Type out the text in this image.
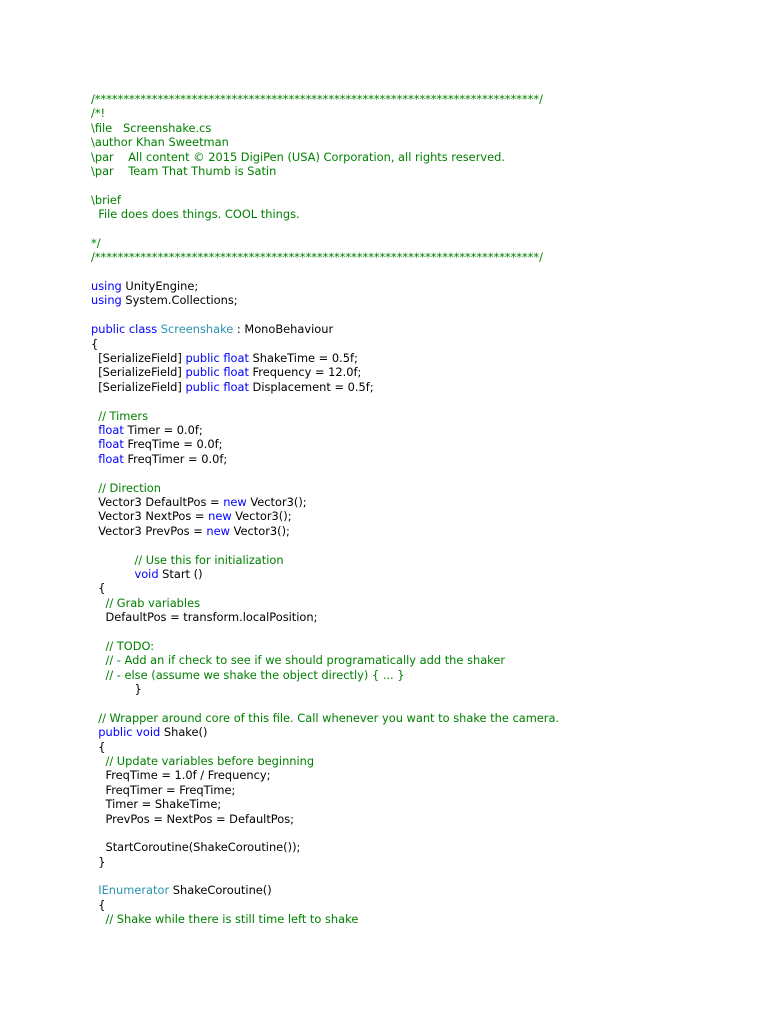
/******************************************************************************/
/*!
\file   Screenshake.cs
\author Khan Sweetman
\par    All content © 2015 DigiPen (USA) Corporation, all rights reserved.
\par    Team That Thumb is Satin
\brief
File does does things. COOL things.
*/
/******************************************************************************/
using UnityEngine;
using System.Collections;
public class Screenshake : MonoBehaviour
{
[SerializeField] public float ShakeTime = 0.5f;
[SerializeField] public float Frequency = 12.0f;
[SerializeField] public float Displacement = 0.5f;
// Timers
float Timer = 0.0f;
float FreqTime = 0.0f;
float FreqTimer = 0.0f;
// Direction
Vector3 DefaultPos = new Vector3();
Vector3 NextPos = new Vector3();
Vector3 PrevPos = new Vector3();
// Use this for initialization
void Start ()
{
// Grab variables
DefaultPos = transform.localPosition;
// TODO:
// - Add an if check to see if we should programatically add the shaker
// - else (assume we shake the object directly) { ... }
}
// Wrapper around core of this file. Call whenever you want to shake the camera.
public void Shake()
{
// Update variables before beginning
FreqTime = 1.0f / Frequency;
FreqTimer = FreqTime;
Timer = ShakeTime;
PrevPos = NextPos = DefaultPos;
StartCoroutine(ShakeCoroutine());
}
IEnumerator ShakeCoroutine()
{
// Shake while there is still time left to shake
